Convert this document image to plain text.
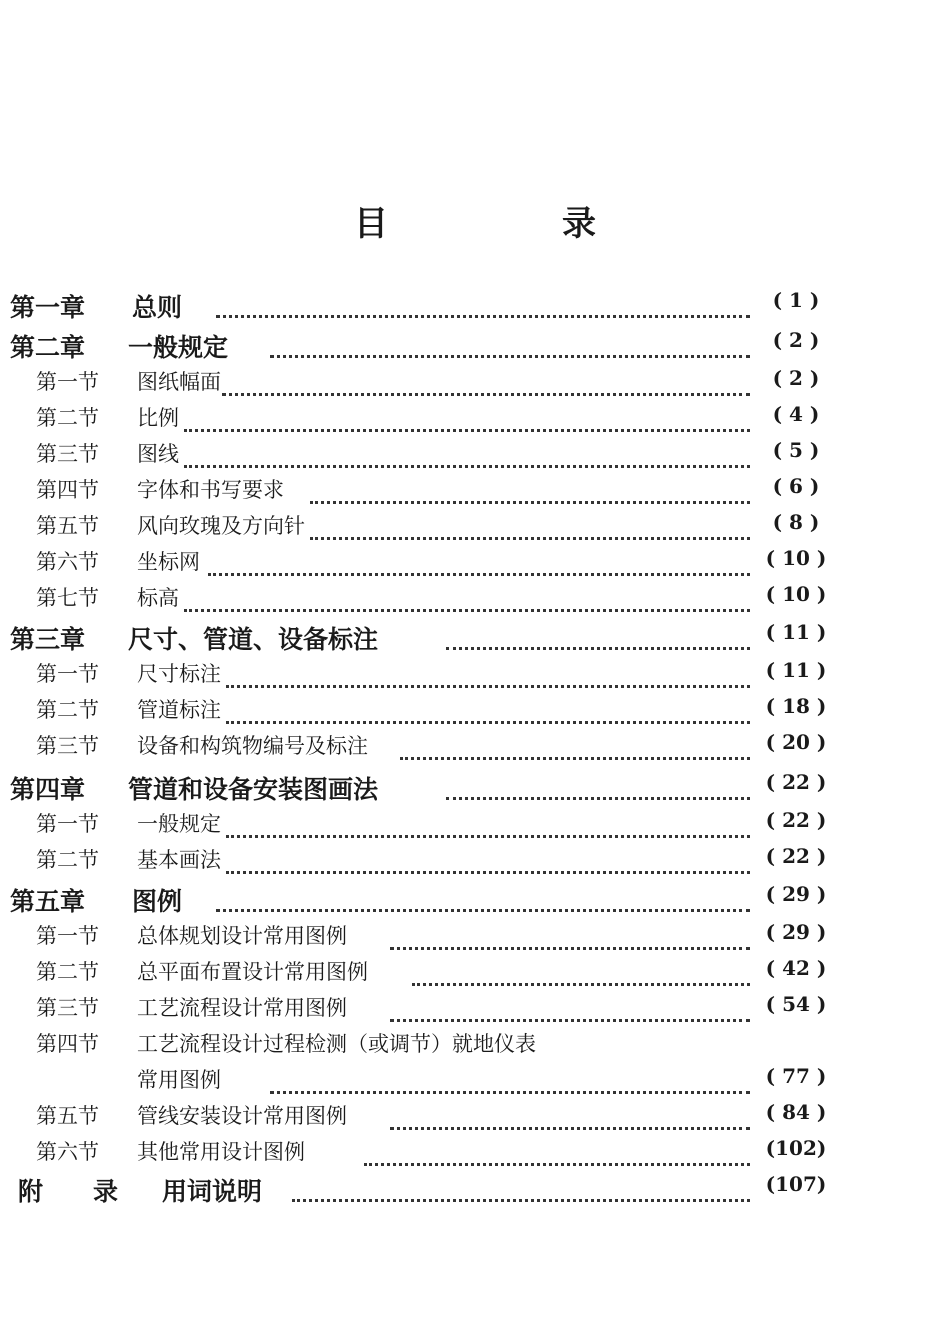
目　录
第一章 总则	( 1 )
第二章 一般规定	( 2 )
第一节 图纸幅面	( 2 )
第二节 比例	( 4 )
第三节 图线	( 5 )
第四节 字体和书写要求	( 6 )
第五节 风向玫瑰及方向针	( 8 )
第六节 坐标网	( 10 )
第七节 标高	( 10 )
第三章 尺寸、管道、设备标注	( 11 )
第一节 尺寸标注	( 11 )
第二节 管道标注	( 18 )
第三节 设备和构筑物编号及标注	( 20 )
第四章 管道和设备安装图画法	( 22 )
第一节 一般规定	( 22 )
第二节 基本画法	( 22 )
第五章 图例	( 29 )
第一节 总体规划设计常用图例	( 29 )
第二节 总平面布置设计常用图例	( 42 )
第三节 工艺流程设计常用图例	( 54 )
第四节 工艺流程设计过程检测（或调节）就地仪表
常用图例	( 77 )
第五节 管线安装设计常用图例	( 84 )
第六节 其他常用设计图例	(102)
附　　录 用词说明	(107)
